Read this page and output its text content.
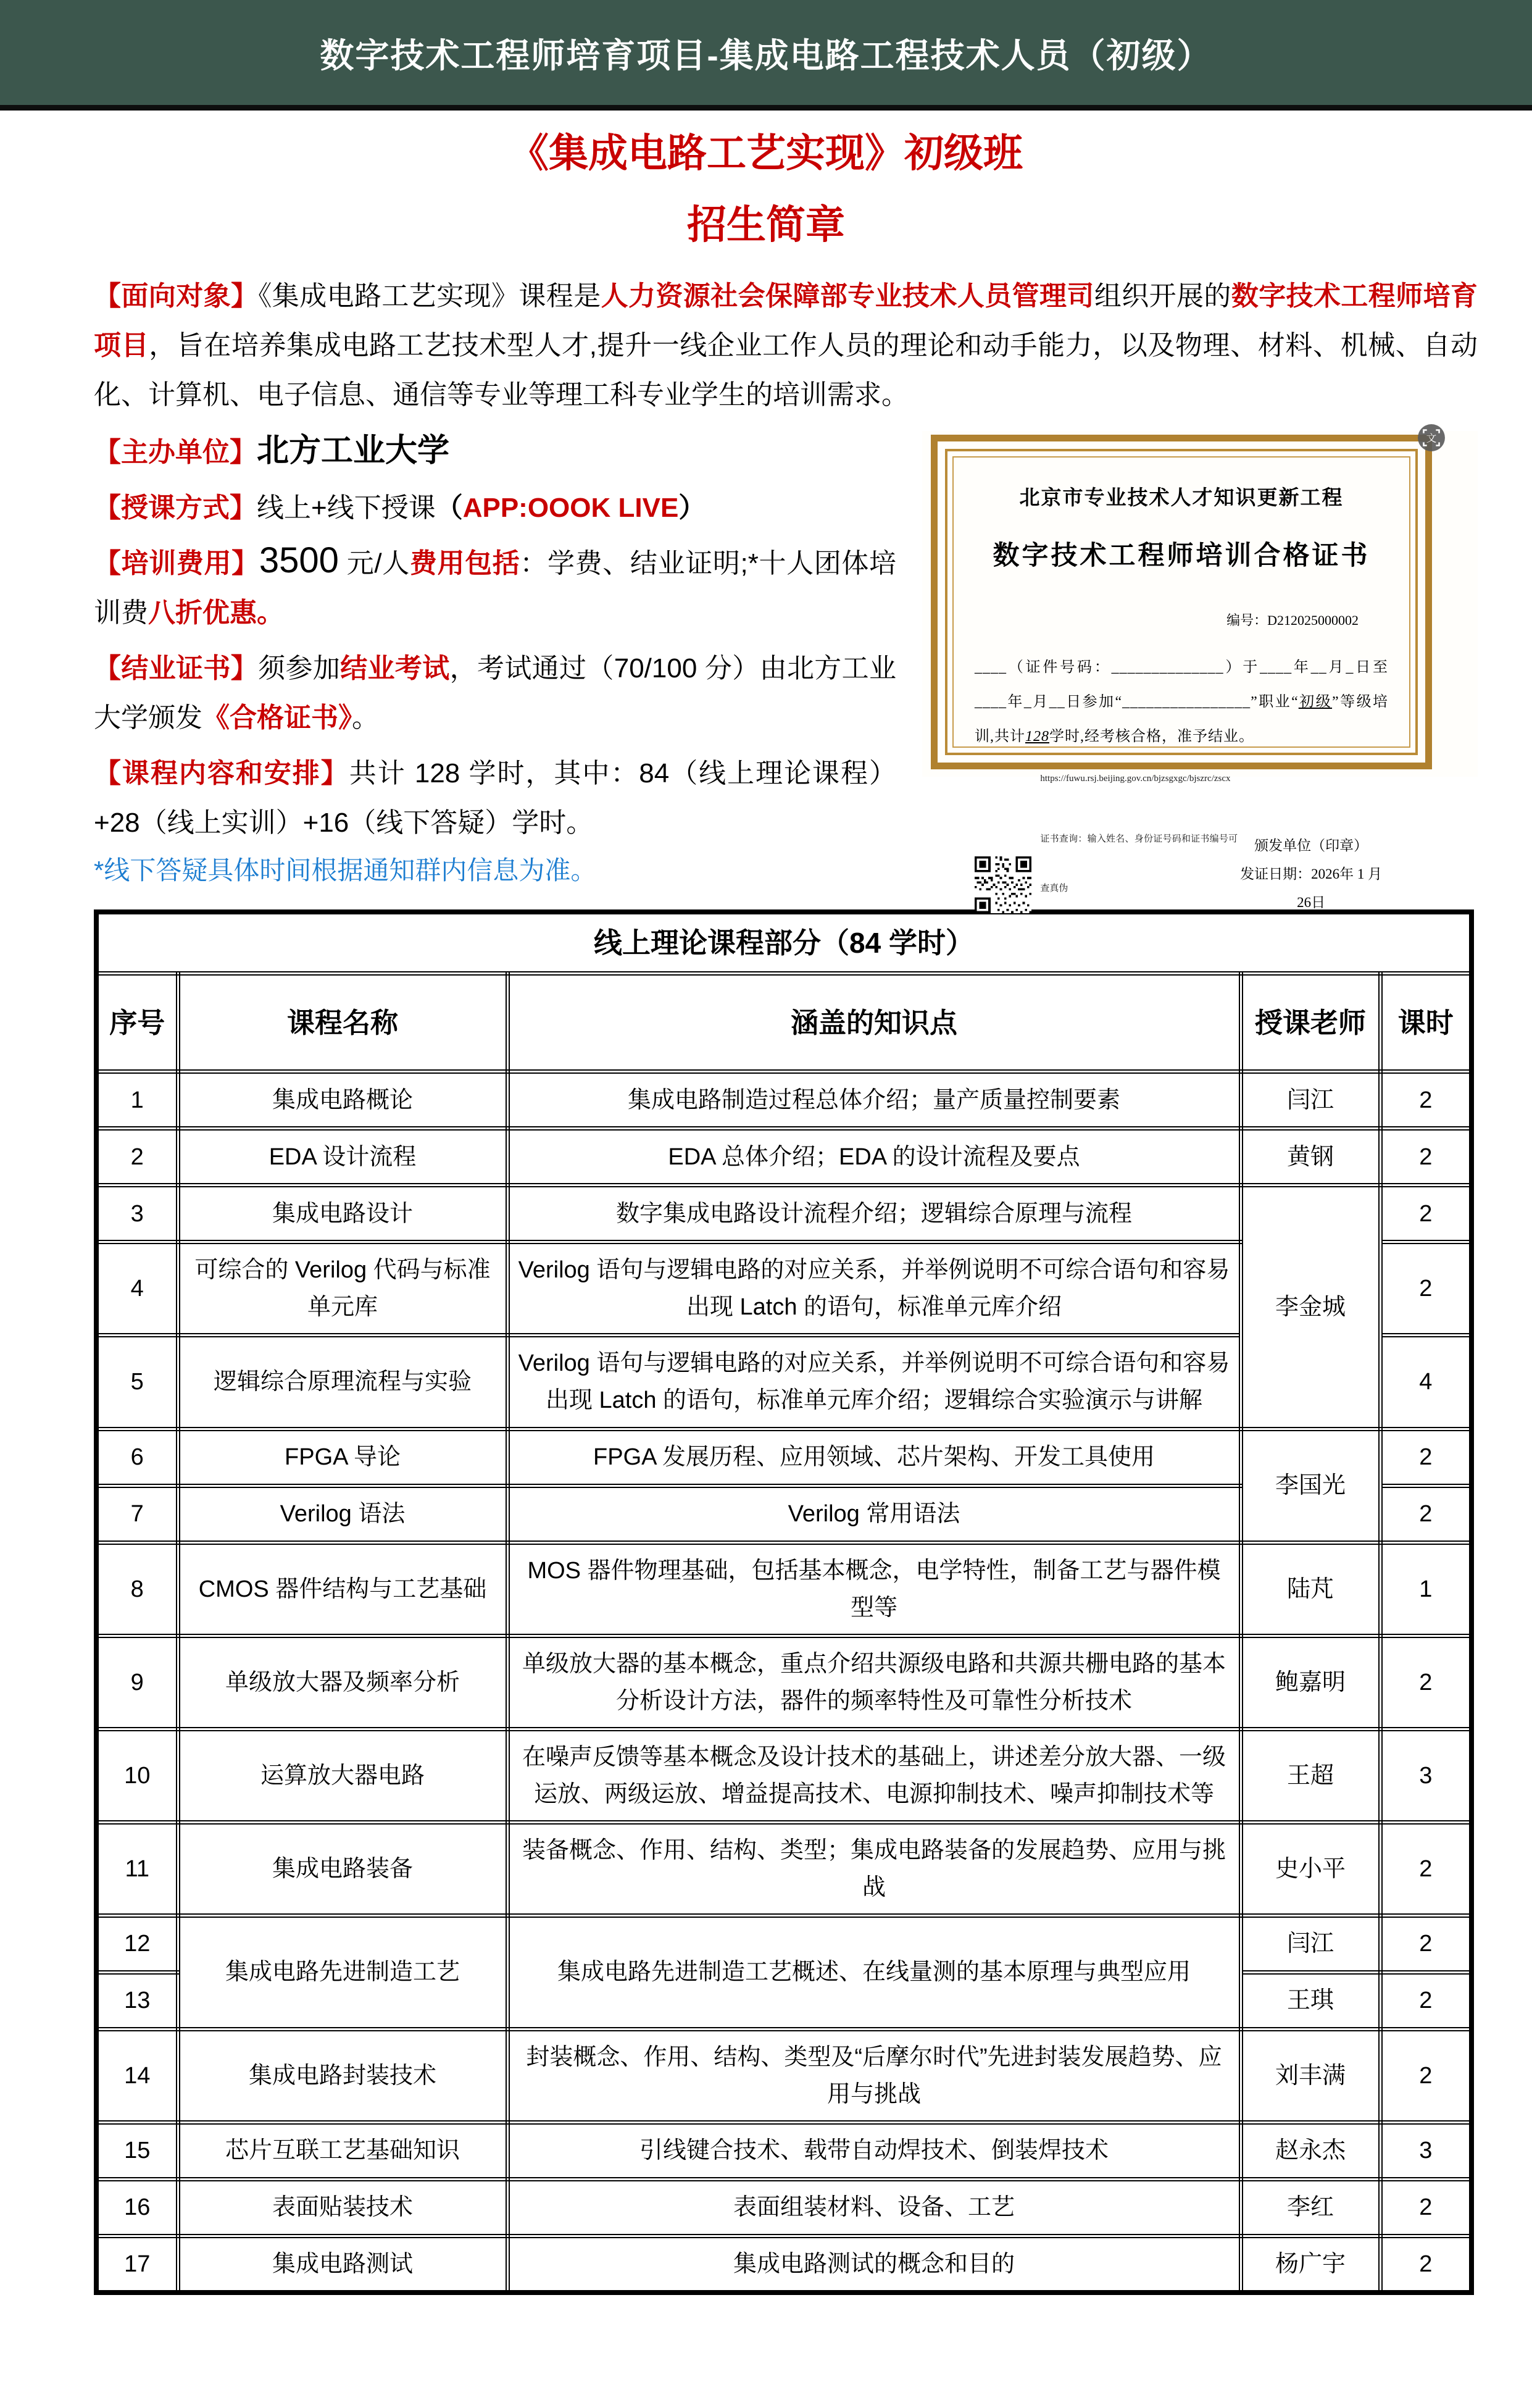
数字技术工程师培育项目-集成电路工程技术人员（初级）
《集成电路工艺实现》初级班
招生简章

【面向对象】《集成电路工艺实现》课程是人力资源社会保障部专业技术人员管理司组织开展的数字技术工程师培育项目，旨在培养集成电路工艺技术型人才,提升一线企业工作人员的理论和动手能力，以及物理、材料、机械、自动化、计算机、电子信息、通信等专业等理工科专业学生的培训需求。

北京市专业技术人才知识更新工程
数字技术工程师培训合格证书
编号：D212025000002
____（证件号码：______________）于____年__月_日至____年_月__日参加“________________”职业“初级”等级培训,共计128学时,经考核合格，准予结业。
https://fuwu.rsj.beijing.gov.cn/bjzsgxgc/bjszrc/zscx
证书查询：输入姓名、身份证号码和证书编号可查真伪
颁发单位（印章）
发证日期：2026年 1 月 26日
文

【主办单位】北方工业大学

【授课方式】线上+线下授课（APP:OOOK LIVE）

【培训费用】3500 元/人费用包括：学费、结业证明;*十人团体培训费八折优惠。

【结业证书】须参加结业考试，考试通过（70/100 分）由北方工业大学颁发《合格证书》。

【课程内容和安排】共计 128 学时，其中：84（线上理论课程）+28（线上实训）+16（线下答疑）学时。

*线下答疑具体时间根据通知群内信息为准。

线上理论课程部分（84 学时）				
序号	课程名称	涵盖的知识点	授课老师	课时
1	集成电路概论	集成电路制造过程总体介绍；量产质量控制要素	闫江	2
2	EDA 设计流程	EDA 总体介绍；EDA 的设计流程及要点	黄钢	2
3	集成电路设计	数字集成电路设计流程介绍；逻辑综合原理与流程	李金城	2
4	可综合的 Verilog 代码与标准单元库	Verilog 语句与逻辑电路的对应关系，并举例说明不可综合语句和容易出现 Latch 的语句，标准单元库介绍		2
5	逻辑综合原理流程与实验	Verilog 语句与逻辑电路的对应关系，并举例说明不可综合语句和容易出现 Latch 的语句，标准单元库介绍；逻辑综合实验演示与讲解		4
6	FPGA 导论	FPGA 发展历程、应用领域、芯片架构、开发工具使用	李国光	2
7	Verilog 语法	Verilog 常用语法		2
8	CMOS 器件结构与工艺基础	MOS 器件物理基础，包括基本概念，电学特性，制备工艺与器件模型等	陆芃	1
9	单级放大器及频率分析	单级放大器的基本概念，重点介绍共源级电路和共源共栅电路的基本分析设计方法，器件的频率特性及可靠性分析技术	鲍嘉明	2
10	运算放大器电路	在噪声反馈等基本概念及设计技术的基础上，讲述差分放大器、一级运放、两级运放、增益提高技术、电源抑制技术、噪声抑制技术等	王超	3
11	集成电路装备	装备概念、作用、结构、类型；集成电路装备的发展趋势、应用与挑战	史小平	2
12	集成电路先进制造工艺	集成电路先进制造工艺概述、在线量测的基本原理与典型应用	闫江	2
13			王琪	2
14	集成电路封装技术	封装概念、作用、结构、类型及“后摩尔时代”先进封装发展趋势、应用与挑战	刘丰满	2
15	芯片互联工艺基础知识	引线键合技术、载带自动焊技术、倒装焊技术	赵永杰	3
16	表面贴装技术	表面组装材料、设备、工艺	李红	2
17	集成电路测试	集成电路测试的概念和目的	杨广宇	2
